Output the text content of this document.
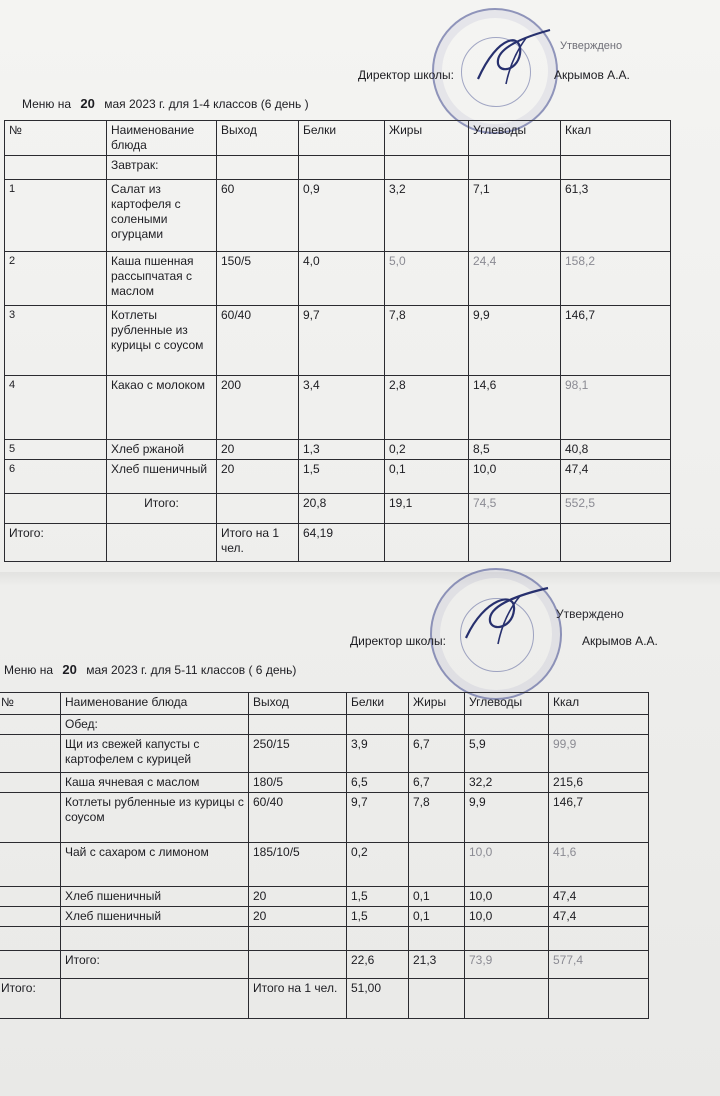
Утверждено
Директор школы:	Акрымов А.А.
Меню на 20 мая 2023 г. для 1-4 классов (6 день )
№	Наименование блюда	Выход	Белки	Жиры	Углеводы	Ккал
	Завтрак:					
1	Салат из картофеля с солеными огурцами	60	0,9	3,2	7,1	61,3
2	Каша пшенная рассыпчатая с маслом	150/5	4,0	5,0	24,4	158,2
3	Котлеты рубленные из курицы с соусом	60/40	9,7	7,8	9,9	146,7
4	Какао с молоком	200	3,4	2,8	14,6	98,1
5	Хлеб ржаной	20	1,3	0,2	8,5	40,8
6	Хлеб пшеничный	20	1,5	0,1	10,0	47,4
	Итого:		20,8	19,1	74,5	552,5
Итого:		Итого на 1 чел.	64,19			
Утверждено
Директор школы:	Акрымов А.А.
Меню на 20 мая 2023 г. для 5-11 классов ( 6 день)
№	Наименование блюда	Выход	Белки	Жиры	Углеводы	Ккал
	Обед:					
	Щи из свежей капусты с картофелем с курицей	250/15	3,9	6,7	5,9	99,9
	Каша ячневая с маслом	180/5	6,5	6,7	32,2	215,6
	Котлеты рубленные из курицы с соусом	60/40	9,7	7,8	9,9	146,7
	Чай с сахаром с лимоном	185/10/5	0,2		10,0	41,6
	Хлеб пшеничный	20	1,5	0,1	10,0	47,4
	Хлеб пшеничный	20	1,5	0,1	10,0	47,4

	Итого:		22,6	21,3	73,9	577,4
Итого:		Итого на 1 чел.	51,00			
